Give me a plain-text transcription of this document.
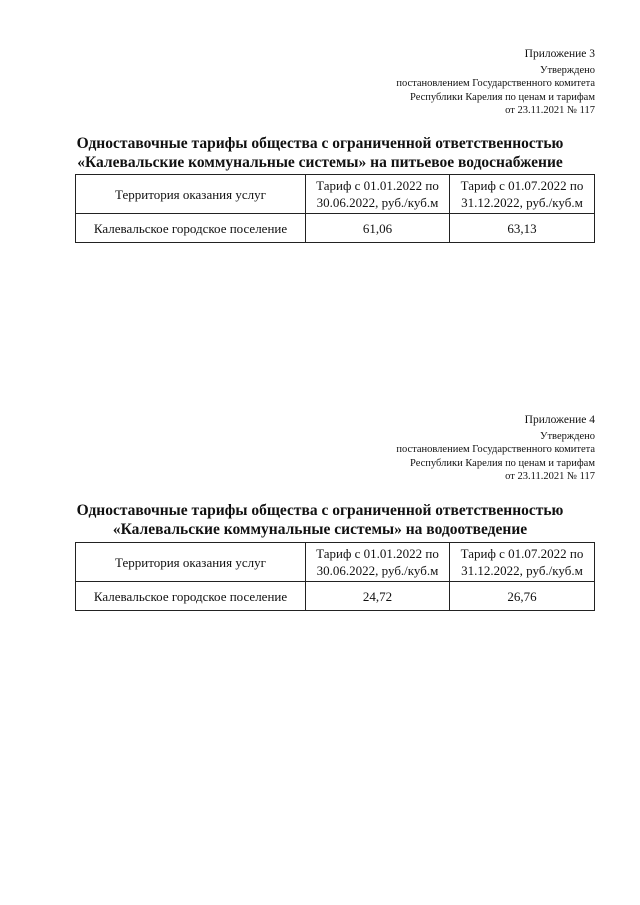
Приложение 3
Утверждено
постановлением Государственного комитета
Республики Карелия по ценам и тарифам
от 23.11.2021 № 117
Одноставочные тарифы общества с ограниченной ответственностью
«Калевальские коммунальные системы» на питьевое водоснабжение
Территория оказания услуг	Тариф с 01.01.2022 по 30.06.2022, руб./куб.м	Тариф с 01.07.2022 по 31.12.2022, руб./куб.м
Калевальское городское поселение	61,06	63,13
Приложение 4
Утверждено
постановлением Государственного комитета
Республики Карелия по ценам и тарифам
от 23.11.2021 № 117
Одноставочные тарифы общества с ограниченной ответственностью
«Калевальские коммунальные системы» на водоотведение
Территория оказания услуг	Тариф с 01.01.2022 по 30.06.2022, руб./куб.м	Тариф с 01.07.2022 по 31.12.2022, руб./куб.м
Калевальское городское поселение	24,72	26,76
